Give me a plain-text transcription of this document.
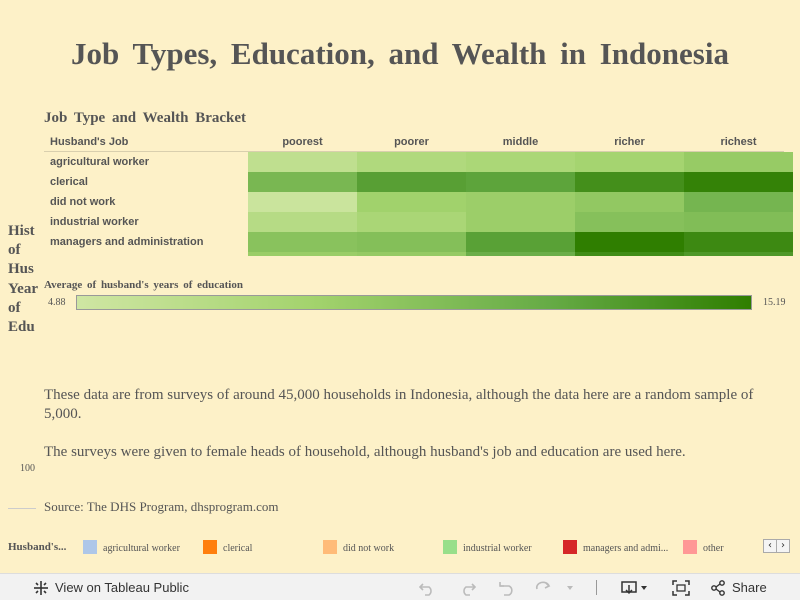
Job Types, Education, and Wealth in Indonesia
Hist
of
Hus
Year
of
Edu
Job Type and Wealth Bracket
Husband's Job	poorest	poorer	middle	richer	richest
agricultural worker
clerical
did not work
industrial worker
managers and administration
Average of husband's years of education
4.88	15.19
These data are from surveys of around 45,000 households in Indonesia, although the data here are a random sample of 5,000.
The surveys were given to female heads of household, although husband's job and education are used here.
100
Source: The DHS Program, dhsprogram.com
Husband's...	agricultural worker	clerical	did not work	industrial worker	managers and admi...	other	‹ ›
View on Tableau Public	Share
